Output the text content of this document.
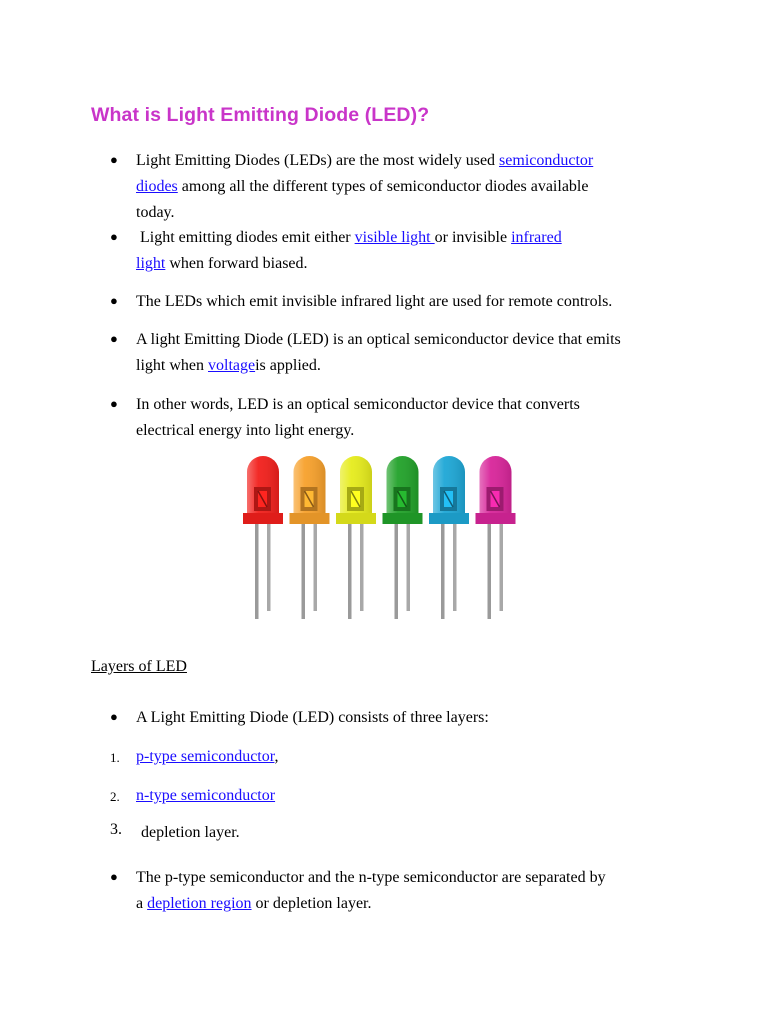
What is Light Emitting Diode (LED)?
● Light Emitting Diodes (LEDs) are the most widely used semiconductor
diodes among all the different types of semiconductor diodes available
today.

● Light emitting diodes emit either visible light or invisible infrared

light when forward biased.

● The LEDs which emit invisible infrared light are used for remote controls.

● A light Emitting Diode (LED) is an optical semiconductor device that emits
light when voltageis applied.

● In other words, LED is an optical semiconductor device that converts
electrical energy into light energy.

Layers of LED

● A Light Emitting Diode (LED) consists of three layers:

1. p-type semiconductor,

2. n-type semiconductor

3. depletion layer.

● The p-type semiconductor and the n-type semiconductor are separated by
a depletion region or depletion layer.
